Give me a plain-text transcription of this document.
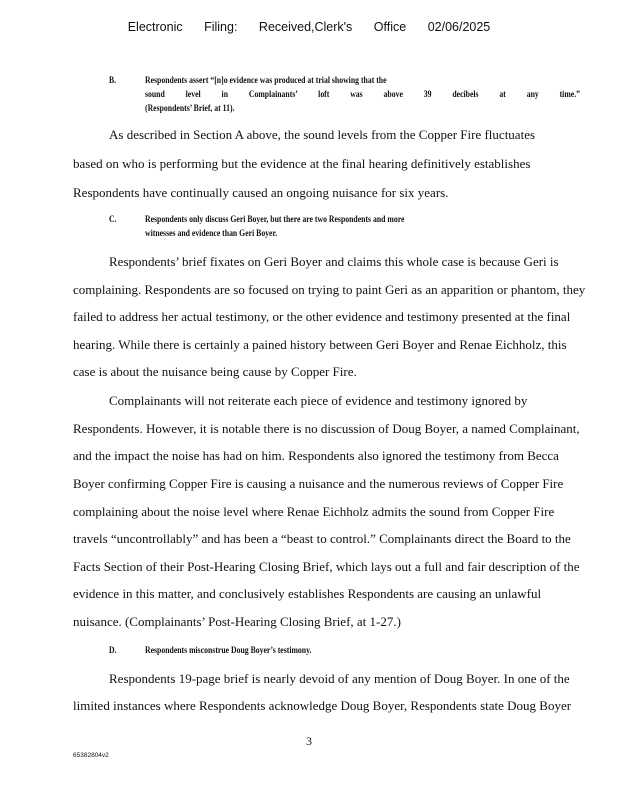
Electronic Filing: Received,Clerk's Office 02/06/2025
B.	Respondents assert “[n]o evidence was produced at trial showing that the
sound level in Complainants’ loft was above 39 decibels at any time.”
(Respondents’ Brief, at 11).
As described in Section A above, the sound levels from the Copper Fire fluctuates
based on who is performing but the evidence at the final hearing definitively establishes
Respondents have continually caused an ongoing nuisance for six years.
C.	Respondents only discuss Geri Boyer, but there are two Respondents and more
witnesses and evidence than Geri Boyer.
Respondents’ brief fixates on Geri Boyer and claims this whole case is because Geri is
complaining. Respondents are so focused on trying to paint Geri as an apparition or phantom, they
failed to address her actual testimony, or the other evidence and testimony presented at the final
hearing. While there is certainly a pained history between Geri Boyer and Renae Eichholz, this
case is about the nuisance being cause by Copper Fire.
Complainants will not reiterate each piece of evidence and testimony ignored by
Respondents. However, it is notable there is no discussion of Doug Boyer, a named Complainant,
and the impact the noise has had on him. Respondents also ignored the testimony from Becca
Boyer confirming Copper Fire is causing a nuisance and the numerous reviews of Copper Fire
complaining about the noise level where Renae Eichholz admits the sound from Copper Fire
travels “uncontrollably” and has been a “beast to control.” Complainants direct the Board to the
Facts Section of their Post-Hearing Closing Brief, which lays out a full and fair description of the
evidence in this matter, and conclusively establishes Respondents are causing an unlawful
nuisance. (Complainants’ Post-Hearing Closing Brief, at 1-27.)
D.	Respondents misconstrue Doug Boyer’s testimony.
Respondents 19-page brief is nearly devoid of any mention of Doug Boyer. In one of the
limited instances where Respondents acknowledge Doug Boyer, Respondents state Doug Boyer
3
65382804v2
